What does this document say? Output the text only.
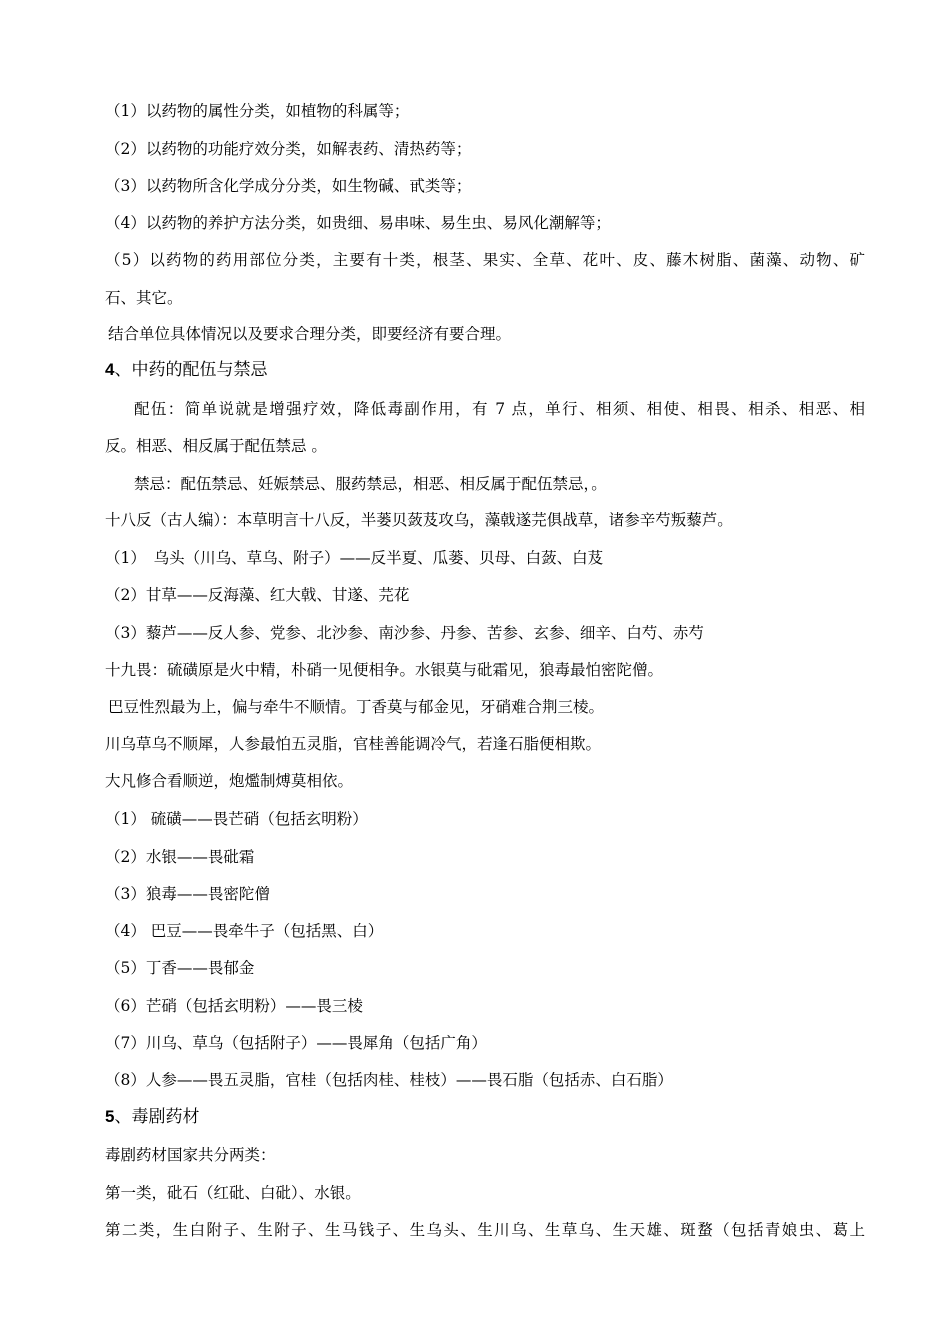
（1）以药物的属性分类，如植物的科属等；
（2）以药物的功能疗效分类，如解表药、清热药等；
（3）以药物所含化学成分分类，如生物碱、甙类等；
（4）以药物的养护方法分类，如贵细、易串味、易生虫、易风化潮解等；
（5）以药物的药用部位分类，主要有十类，根茎、果实、全草、花叶、皮、藤木树脂、菌藻、动物、矿
石、其它。
结合单位具体情况以及要求合理分类，即要经济有要合理。
4、中药的配伍与禁忌
配伍：简单说就是增强疗效，降低毒副作用，有 7 点，单行、相须、相使、相畏、相杀、相恶、相
反。相恶、相反属于配伍禁忌 。
禁忌：配伍禁忌、妊娠禁忌、服药禁忌，相恶、相反属于配伍禁忌，。
十八反（古人编）：本草明言十八反，半蒌贝蔹芨攻乌，藻戟遂芫俱战草，诸参辛芍叛藜芦。
（1）　乌头（川乌、草乌、附子）——反半夏、瓜蒌、贝母、白蔹、白芨
（2）甘草——反海藻、红大戟、甘遂、芫花
（3）藜芦——反人参、党参、北沙参、南沙参、丹参、苦参、玄参、细辛、白芍、赤芍
十九畏：硫磺原是火中精，朴硝一见便相争。水银莫与砒霜见，狼毒最怕密陀僧。
巴豆性烈最为上，偏与牵牛不顺情。丁香莫与郁金见，牙硝难合荆三棱。
川乌草乌不顺犀，人参最怕五灵脂，官桂善能调冷气，若逢石脂便相欺。
大凡修合看顺逆，炮爁制煿莫相依。
（1） 硫磺——畏芒硝（包括玄明粉）
（2）水银——畏砒霜
（3）狼毒——畏密陀僧
（4） 巴豆——畏牵牛子（包括黑、白）
（5）丁香——畏郁金
（6）芒硝（包括玄明粉）——畏三棱
（7）川乌、草乌（包括附子）——畏犀角（包括广角）
（8）人参——畏五灵脂，官桂（包括肉桂、桂枝）——畏石脂（包括赤、白石脂）
5、毒剧药材
毒剧药材国家共分两类：
第一类，砒石（红砒、白砒）、水银。
第二类，生白附子、生附子、生马钱子、生乌头、生川乌、生草乌、生天雄、斑蝥（包括青娘虫、葛上
